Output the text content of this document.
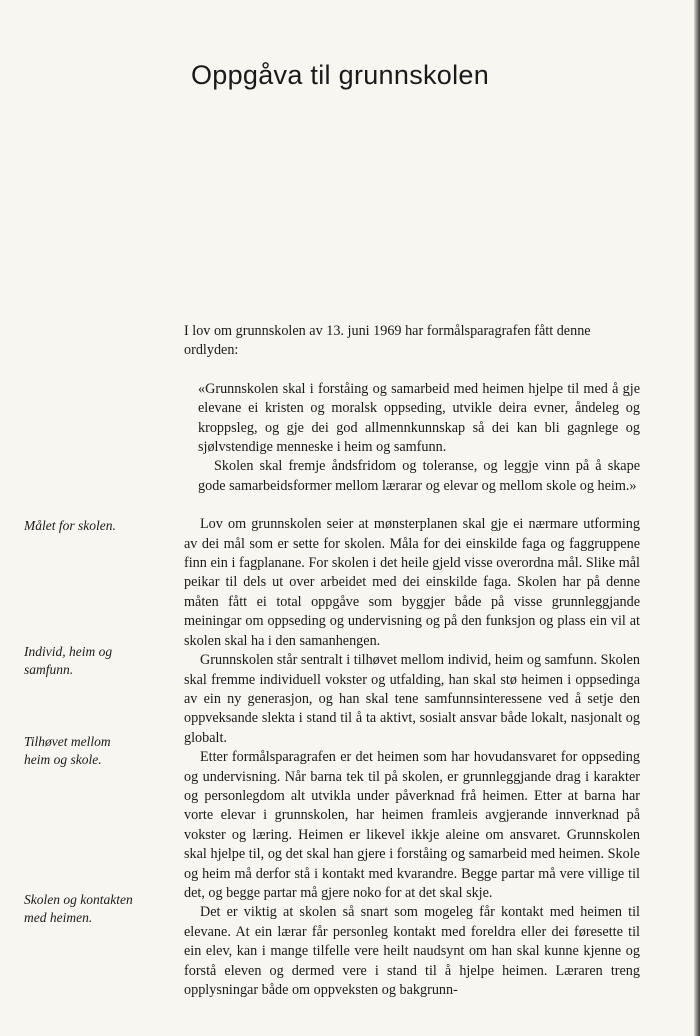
Oppgåva til grunnskolen

I lov om grunnskolen av 13. juni 1969 har formålsparagrafen fått denne ordlyden:

«Grunnskolen skal i forståing og samarbeid med heimen hjelpe til med å gje elevane ei kristen og moralsk oppseding, utvikle deira evner, åndeleg og kroppsleg, og gje dei god allmennkunnskap så dei kan bli gagnlege og sjølvstendige menneske i heim og samfunn.

Skolen skal fremje åndsfridom og toleranse, og leggje vinn på å skape gode samarbeidsformer mellom lærarar og elevar og mellom skole og heim.»

Lov om grunnskolen seier at mønsterplanen skal gje ei nærmare utforming av dei mål som er sette for skolen. Måla for dei einskilde faga og faggruppene finn ein i fagplanane. For skolen i det heile gjeld visse overordna mål. Slike mål peikar til dels ut over arbeidet med dei einskilde faga. Skolen har på denne måten fått ei total oppgåve som byggjer både på visse grunnleggjande meiningar om oppseding og undervisning og på den funksjon og plass ein vil at skolen skal ha i den samanhengen.

Grunnskolen står sentralt i tilhøvet mellom individ, heim og samfunn. Skolen skal fremme individuell vokster og utfalding, han skal stø heimen i oppsedinga av ein ny generasjon, og han skal tene samfunnsinteressene ved å setje den oppveksande slekta i stand til å ta aktivt, sosialt ansvar både lokalt, nasjonalt og globalt.

Etter formålsparagrafen er det heimen som har hovudansvaret for oppseding og undervisning. Når barna tek til på skolen, er grunnleggjande drag i karakter og personlegdom alt utvikla under påverknad frå heimen. Etter at barna har vorte elevar i grunnskolen, har heimen framleis avgjerande innverknad på vokster og læring. Heimen er likevel ikkje aleine om ansvaret. Grunnskolen skal hjelpe til, og det skal han gjere i forståing og samarbeid med heimen. Skole og heim må derfor stå i kontakt med kvarandre. Begge partar må vere villige til det, og begge partar må gjere noko for at det skal skje.

Det er viktig at skolen så snart som mogeleg får kontakt med heimen til elevane. At ein lærar får personleg kontakt med foreldra eller dei føresette til ein elev, kan i mange tilfelle vere heilt naudsynt om han skal kunne kjenne og forstå eleven og dermed vere i stand til å hjelpe heimen. Læraren treng opplysningar både om oppveksten og bakgrunn-

Målet for skolen.
Individ, heim og
samfunn.
Tilhøvet mellom
heim og skole.
Skolen og kontakten
med heimen.
